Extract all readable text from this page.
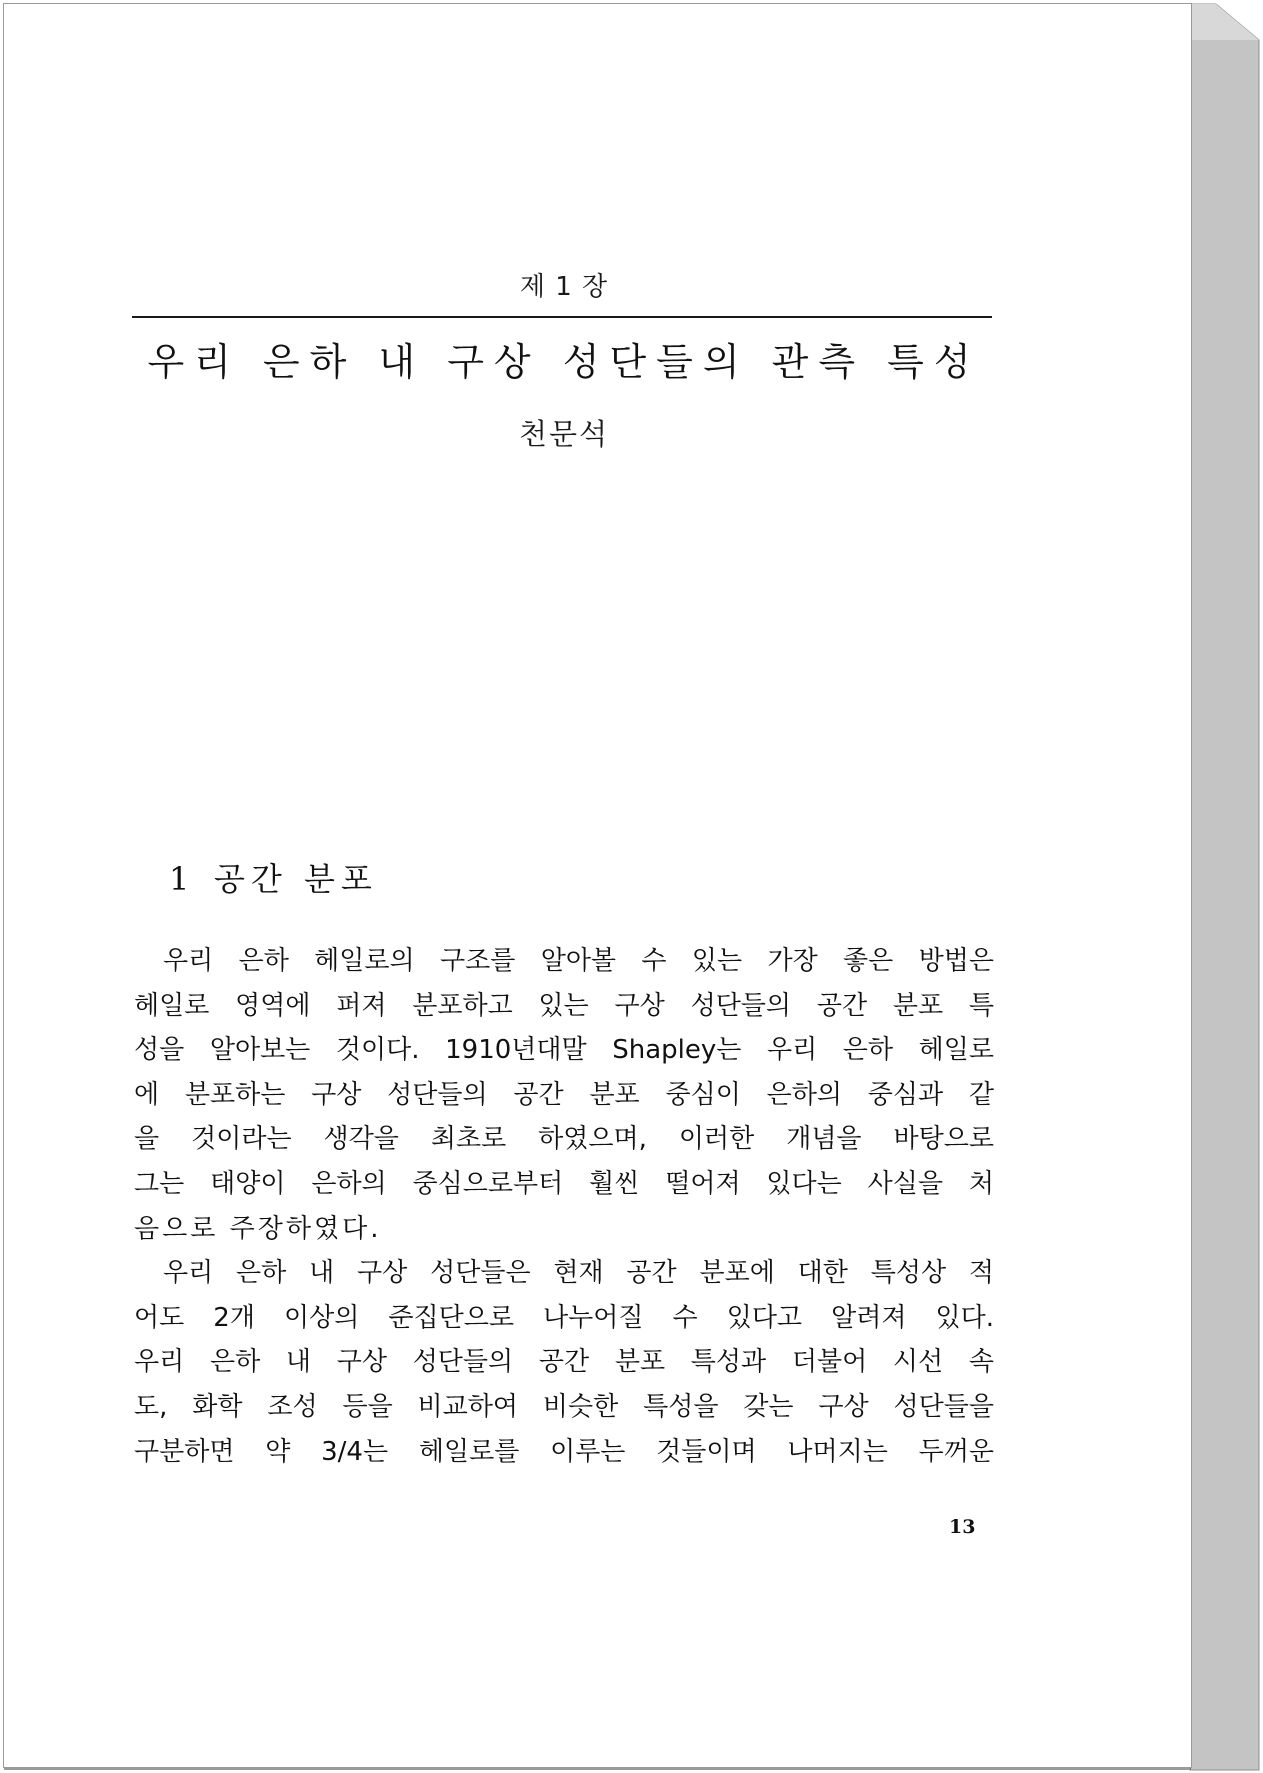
제 1 장
우리 은하 내 구상 성단들의 관측 특성
천문석
1 공간 분포
우리 은하 헤일로의 구조를 알아볼 수 있는 가장 좋은 방법은
헤일로 영역에 퍼져 분포하고 있는 구상 성단들의 공간 분포 특
성을 알아보는 것이다. 1910년대말 Shapley는 우리 은하 헤일로
에 분포하는 구상 성단들의 공간 분포 중심이 은하의 중심과 같
을 것이라는 생각을 최초로 하였으며, 이러한 개념을 바탕으로
그는 태양이 은하의 중심으로부터 훨씬 떨어져 있다는 사실을 처
음으로 주장하였다.
우리 은하 내 구상 성단들은 현재 공간 분포에 대한 특성상 적
어도 2개 이상의 준집단으로 나누어질 수 있다고 알려져 있다.
우리 은하 내 구상 성단들의 공간 분포 특성과 더불어 시선 속
도, 화학 조성 등을 비교하여 비슷한 특성을 갖는 구상 성단들을
구분하면 약 3/4는 헤일로를 이루는 것들이며 나머지는 두꺼운
13
